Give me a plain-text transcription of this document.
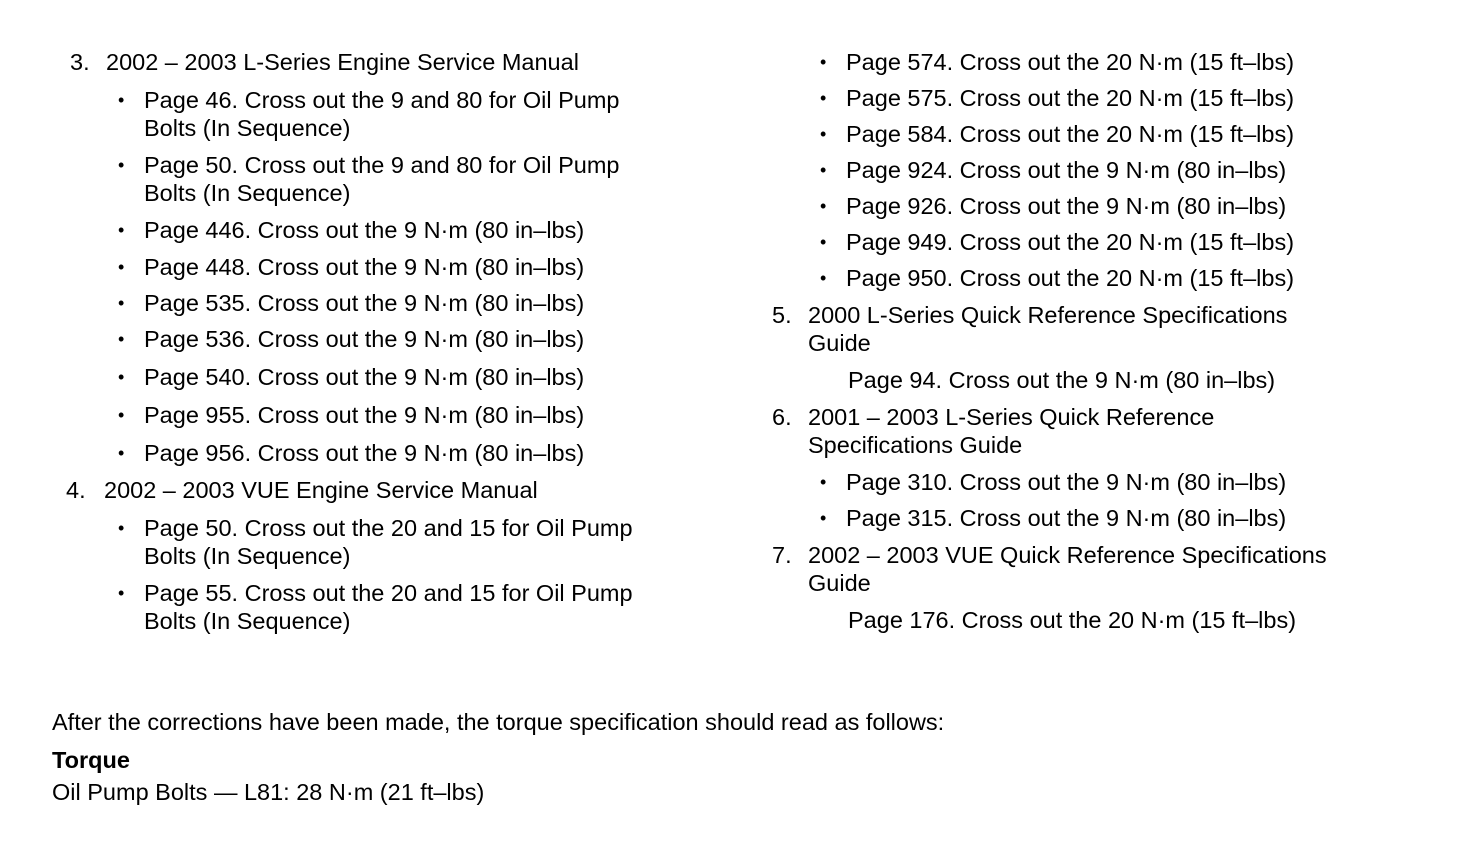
3. 2002 – 2003 L-Series Engine Service Manual
• Page 46. Cross out the 9 and 80 for Oil Pump
Bolts (In Sequence)
• Page 50. Cross out the 9 and 80 for Oil Pump
Bolts (In Sequence)
• Page 446. Cross out the 9 N·m (80 in–lbs)
• Page 448. Cross out the 9 N·m (80 in–lbs)
• Page 535. Cross out the 9 N·m (80 in–lbs)
• Page 536. Cross out the 9 N·m (80 in–lbs)
• Page 540. Cross out the 9 N·m (80 in–lbs)
• Page 955. Cross out the 9 N·m (80 in–lbs)
• Page 956. Cross out the 9 N·m (80 in–lbs)
4. 2002 – 2003 VUE Engine Service Manual
• Page 50. Cross out the 20 and 15 for Oil Pump
Bolts (In Sequence)
• Page 55. Cross out the 20 and 15 for Oil Pump
Bolts (In Sequence)
• Page 574. Cross out the 20 N·m (15 ft–lbs)
• Page 575. Cross out the 20 N·m (15 ft–lbs)
• Page 584. Cross out the 20 N·m (15 ft–lbs)
• Page 924. Cross out the 9 N·m (80 in–lbs)
• Page 926. Cross out the 9 N·m (80 in–lbs)
• Page 949. Cross out the 20 N·m (15 ft–lbs)
• Page 950. Cross out the 20 N·m (15 ft–lbs)
5. 2000 L-Series Quick Reference Specifications
Guide
Page 94. Cross out the 9 N·m (80 in–lbs)
6. 2001 – 2003 L-Series Quick Reference
Specifications Guide
• Page 310. Cross out the 9 N·m (80 in–lbs)
• Page 315. Cross out the 9 N·m (80 in–lbs)
7. 2002 – 2003 VUE Quick Reference Specifications
Guide
Page 176. Cross out the 20 N·m (15 ft–lbs)

After the corrections have been made, the torque specification should read as follows:

Torque

Oil Pump Bolts — L81: 28 N·m (21 ft–lbs)
